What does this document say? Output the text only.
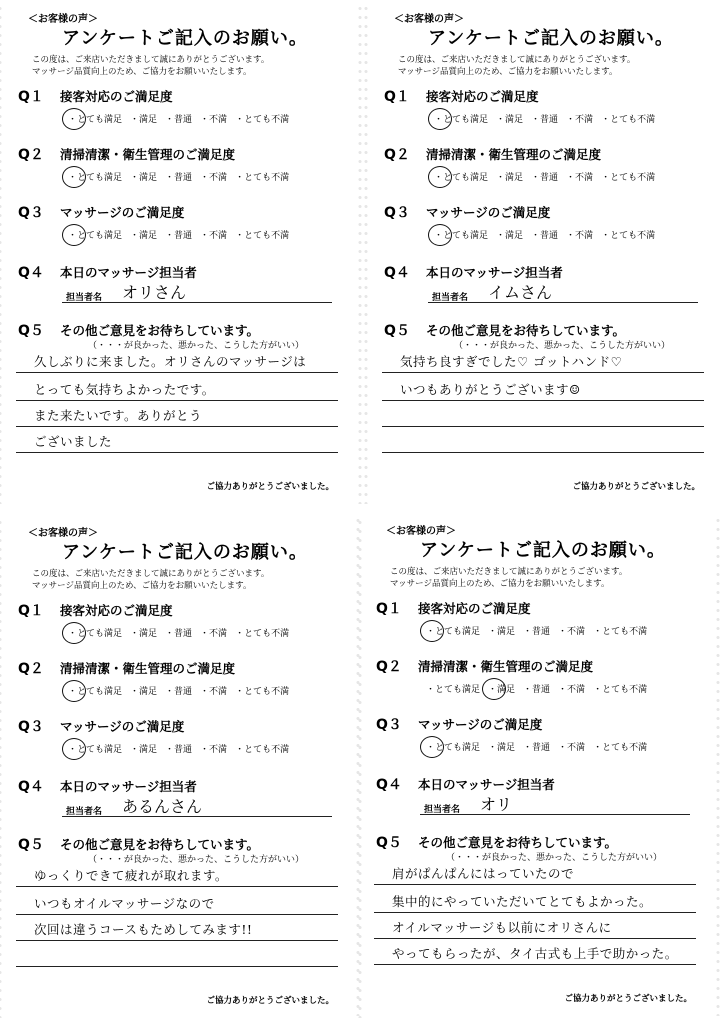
＜お客様の声＞
アンケートご記入のお願い。
この度は、ご来店いただきまして誠にありがとうございます。
マッサージ品質向上のため、ご協力をお願いいたします。
Q１ 接客対応のご満足度
・とても満足 ・満足 ・普通 ・不満 ・とても不満
Q２ 清掃清潔・衛生管理のご満足度
・とても満足 ・満足 ・普通 ・不満 ・とても不満
Q３ マッサージのご満足度
・とても満足 ・満足 ・普通 ・不満 ・とても不満
Q４ 本日のマッサージ担当者
担当者名 オリさん
Q５ その他ご意見をお待ちしています。
（・・・が良かった、悪かった、こうした方がいい）
久しぶりに来ました。オリさんのマッサージは
とっても気持ちよかったです。
また来たいです。ありがとう
ございました
ご協力ありがとうございました。
＜お客様の声＞
アンケートご記入のお願い。
この度は、ご来店いただきまして誠にありがとうございます。
マッサージ品質向上のため、ご協力をお願いいたします。
Q１ 接客対応のご満足度
・とても満足 ・満足 ・普通 ・不満 ・とても不満
Q２ 清掃清潔・衛生管理のご満足度
・とても満足 ・満足 ・普通 ・不満 ・とても不満
Q３ マッサージのご満足度
・とても満足 ・満足 ・普通 ・不満 ・とても不満
Q４ 本日のマッサージ担当者
担当者名 イムさん
Q５ その他ご意見をお待ちしています。
（・・・が良かった、悪かった、こうした方がいい）
気持ち良すぎでした♡ ゴットハンド♡
いつもありがとうございます☺
ご協力ありがとうございました。
＜お客様の声＞
アンケートご記入のお願い。
この度は、ご来店いただきまして誠にありがとうございます。
マッサージ品質向上のため、ご協力をお願いいたします。
Q１ 接客対応のご満足度
・とても満足 ・満足 ・普通 ・不満 ・とても不満
Q２ 清掃清潔・衛生管理のご満足度
・とても満足 ・満足 ・普通 ・不満 ・とても不満
Q３ マッサージのご満足度
・とても満足 ・満足 ・普通 ・不満 ・とても不満
Q４ 本日のマッサージ担当者
担当者名 あるんさん
Q５ その他ご意見をお待ちしています。
（・・・が良かった、悪かった、こうした方がいい）
ゆっくりできて疲れが取れます。
いつもオイルマッサージなので
次回は違うコースもためしてみます!!
ご協力ありがとうございました。
＜お客様の声＞
アンケートご記入のお願い。
この度は、ご来店いただきまして誠にありがとうございます。
マッサージ品質向上のため、ご協力をお願いいたします。
Q１ 接客対応のご満足度
・とても満足 ・満足 ・普通 ・不満 ・とても不満
Q２ 清掃清潔・衛生管理のご満足度
・とても満足 ・満足 ・普通 ・不満 ・とても不満
Q３ マッサージのご満足度
・とても満足 ・満足 ・普通 ・不満 ・とても不満
Q４ 本日のマッサージ担当者
担当者名 オリ
Q５ その他ご意見をお待ちしています。
（・・・が良かった、悪かった、こうした方がいい）
肩がぱんぱんにはっていたので
集中的にやっていただいてとてもよかった。
オイルマッサージも以前にオリさんに
やってもらったが、タイ古式も上手で助かった。
ご協力ありがとうございました。
